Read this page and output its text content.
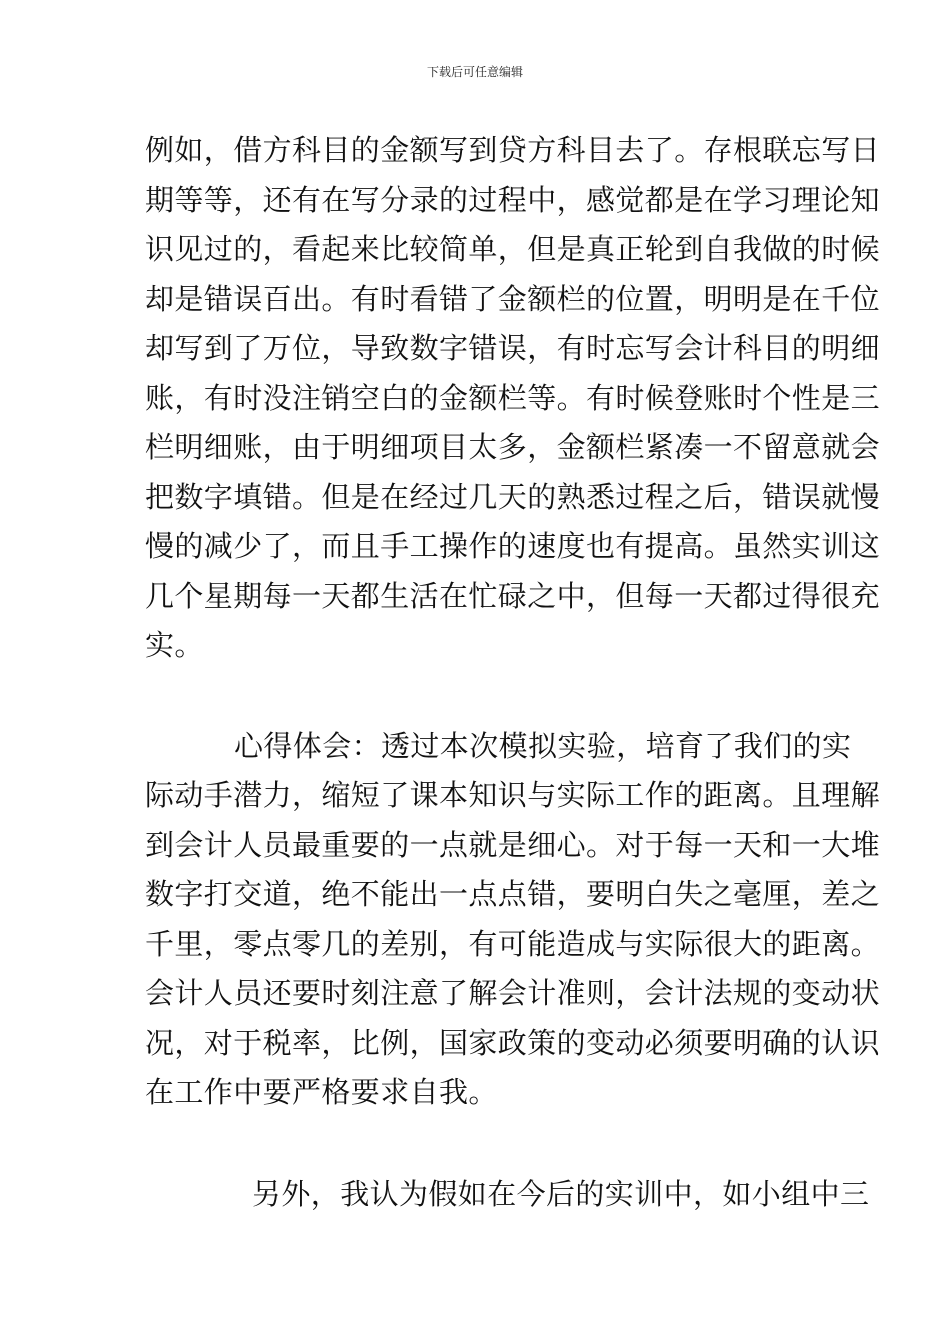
下载后可任意编辑
例如，借方科目的金额写到贷方科目去了。存根联忘写日
期等等，还有在写分录的过程中，感觉都是在学习理论知
识见过的，看起来比较简单，但是真正轮到自我做的时候
却是错误百出。有时看错了金额栏的位置，明明是在千位
却写到了万位，导致数字错误，有时忘写会计科目的明细
账，有时没注销空白的金额栏等。有时候登账时个性是三
栏明细账，由于明细项目太多，金额栏紧凑一不留意就会
把数字填错。但是在经过几天的熟悉过程之后，错误就慢
慢的减少了，而且手工操作的速度也有提高。虽然实训这
几个星期每一天都生活在忙碌之中，但每一天都过得很充
实。
心得体会：透过本次模拟实验，培育了我们的实
际动手潜力，缩短了课本知识与实际工作的距离。且理解
到会计人员最重要的一点就是细心。对于每一天和一大堆
数字打交道，绝不能出一点点错，要明白失之毫厘，差之
千里，零点零几的差别，有可能造成与实际很大的距离。
会计人员还要时刻注意了解会计准则，会计法规的变动状
况，对于税率，比例，国家政策的变动必须要明确的认识
在工作中要严格要求自我。
另外，我认为假如在今后的实训中，如小组中三
